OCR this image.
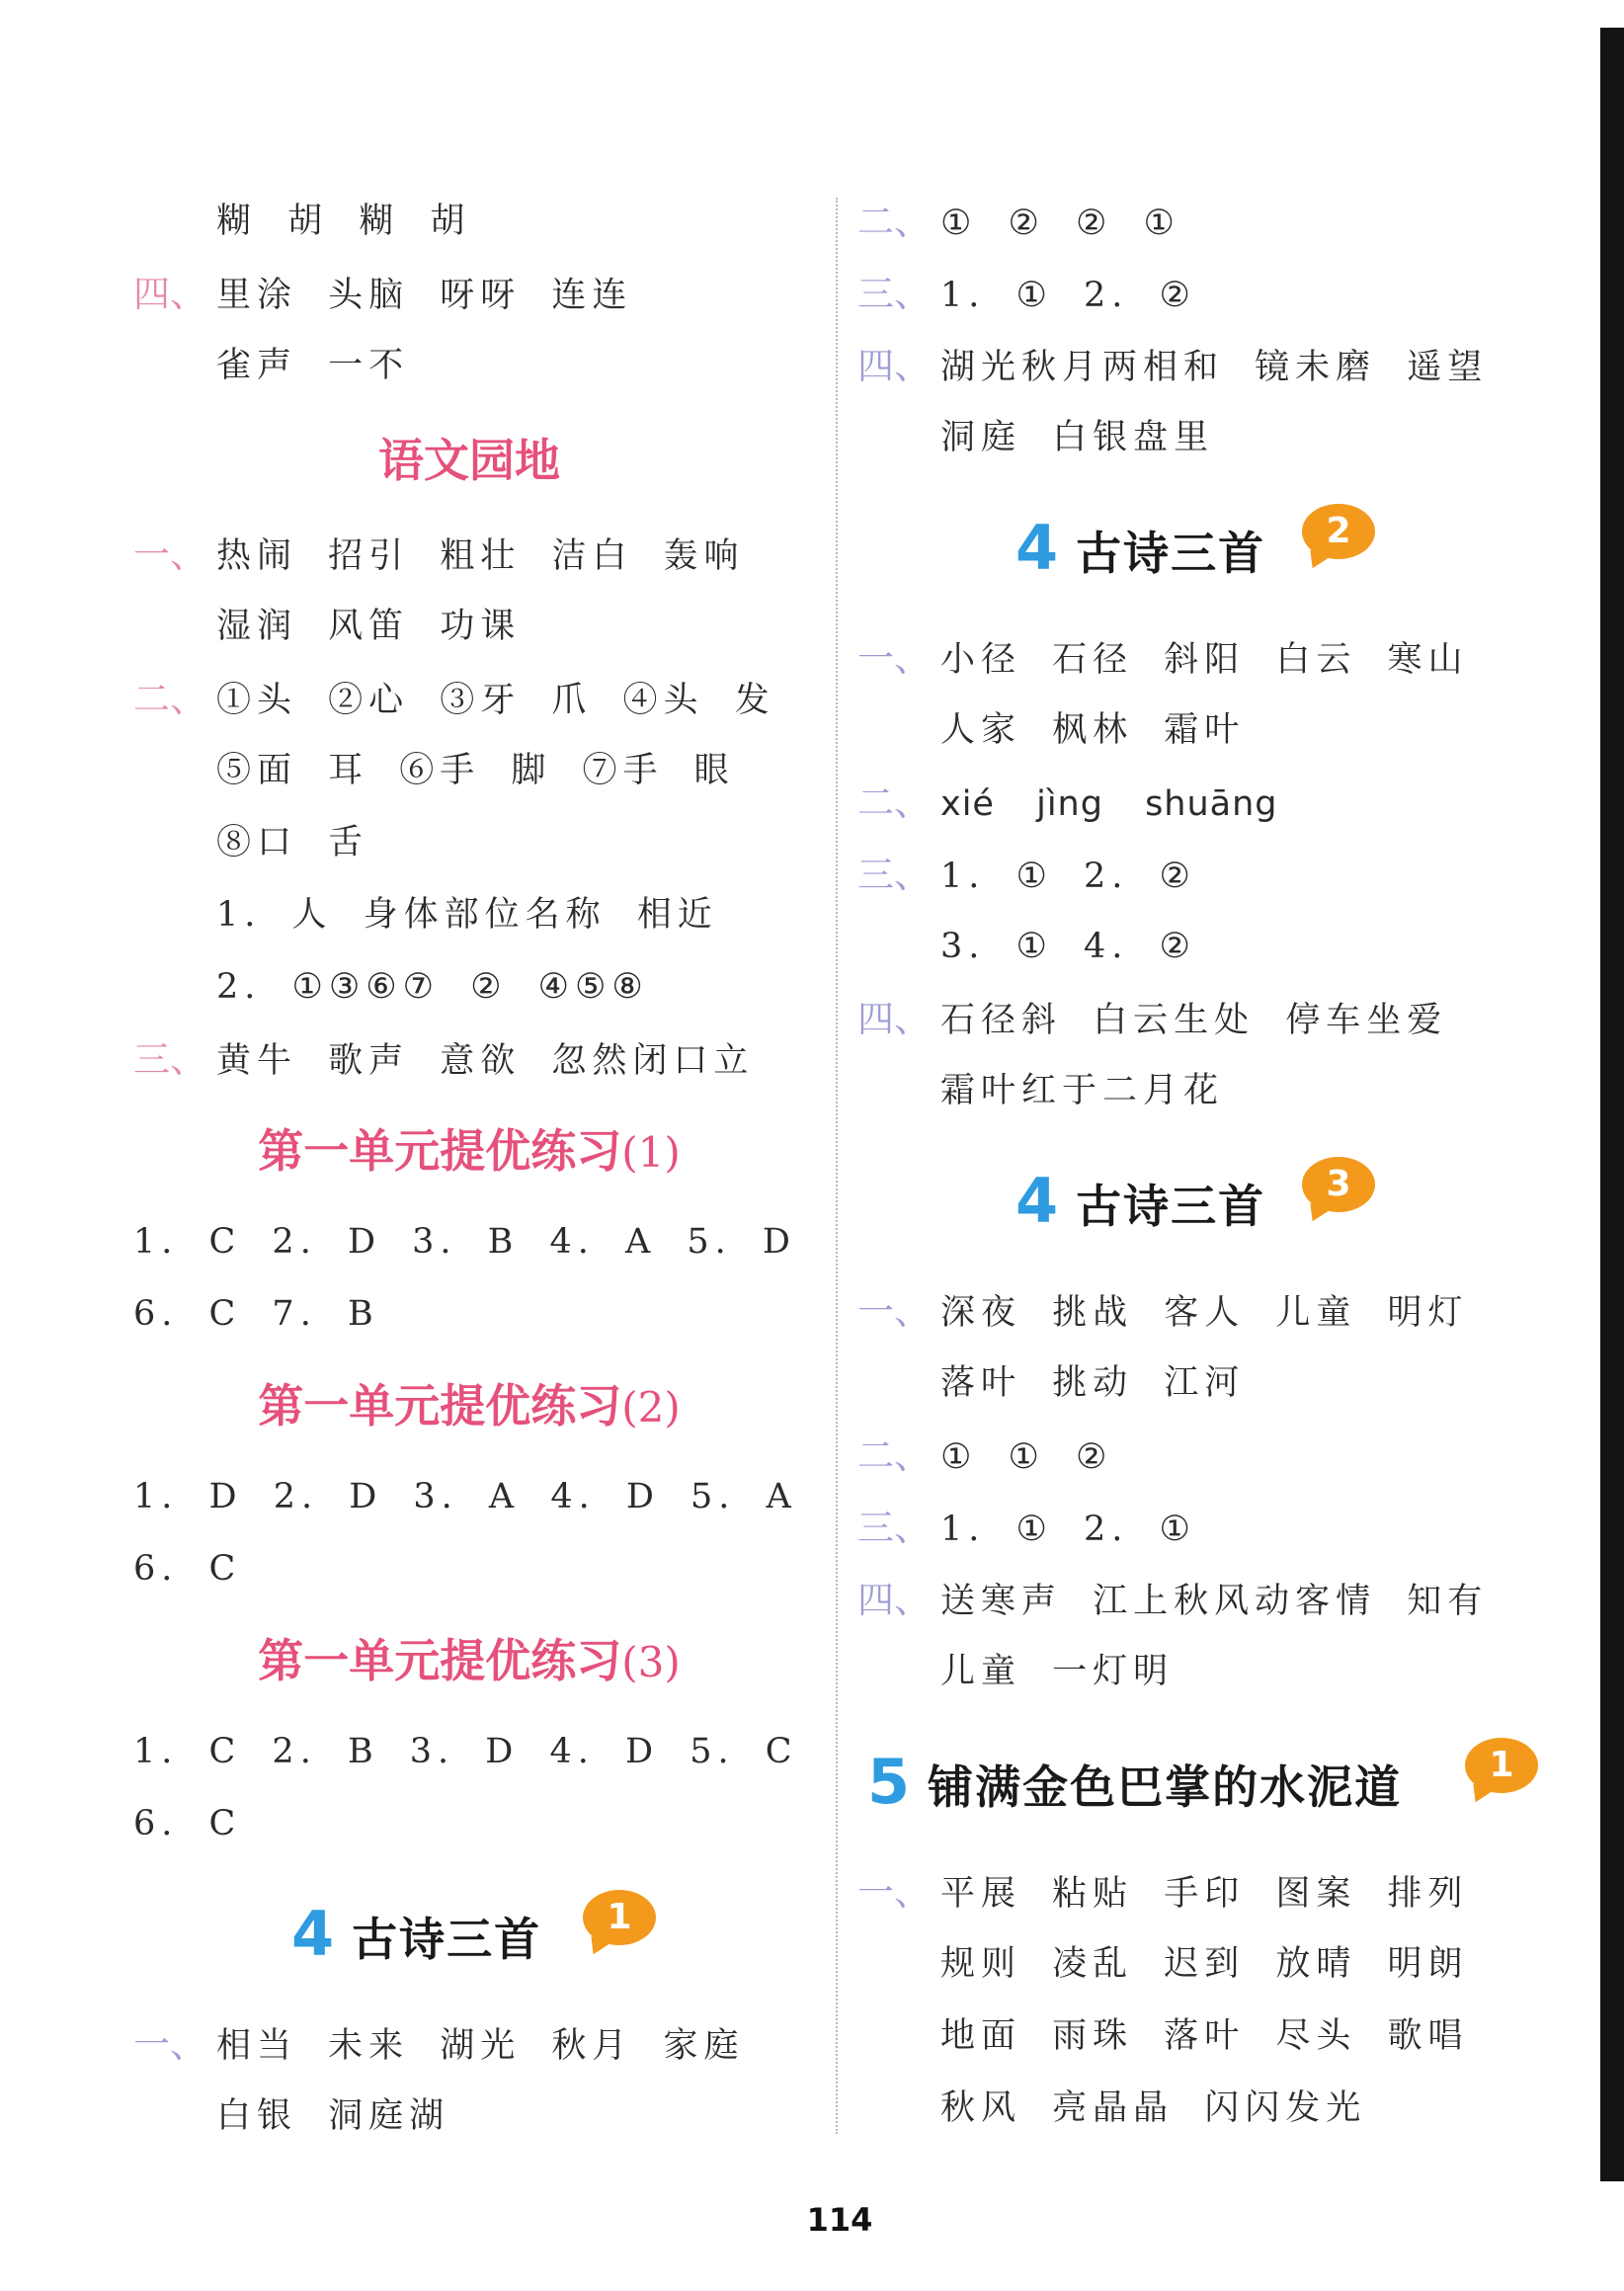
糊 胡 糊 胡
四、 里涂 头脑 呀呀 连连
雀声 一不
语文园地
一、 热闹 招引 粗壮 洁白 轰响
湿润 风笛 功课
二、 ①头 ②心 ③牙 爪 ④头 发
⑤面 耳 ⑥手 脚 ⑦手 眼
⑧口 舌
1. 人 身体部位名称 相近
2. ①③⑥⑦ ② ④⑤⑧
三、 黄牛 歌声 意欲 忽然闭口立
第一单元提优练习(1)
1. C 2. D 3. B 4. A 5. D
6. C 7. B
第一单元提优练习(2)
1. D 2. D 3. A 4. D 5. A
6. C
第一单元提优练习(3)
1. C 2. B 3. D 4. D 5. C
6. C
4 古诗三首	1
一、 相当 未来 湖光 秋月 家庭
白银 洞庭湖
二、 ① ② ② ①
三、 1. ① 2. ②
四、 湖光秋月两相和 镜未磨 遥望
洞庭 白银盘里
4 古诗三首	2
一、 小径 石径 斜阳 白云 寒山
人家 枫林 霜叶
二、 xié jìng shuāng
三、 1. ① 2. ②
3. ① 4. ②
四、 石径斜 白云生处 停车坐爱
霜叶红于二月花
4 古诗三首	3
一、 深夜 挑战 客人 儿童 明灯
落叶 挑动 江河
二、 ① ① ②
三、 1. ① 2. ①
四、 送寒声 江上秋风动客情 知有
儿童 一灯明
5 铺满金色巴掌的水泥道	1
一、 平展 粘贴 手印 图案 排列
规则 凌乱 迟到 放晴 明朗
地面 雨珠 落叶 尽头 歌唱
秋风 亮晶晶 闪闪发光
114
